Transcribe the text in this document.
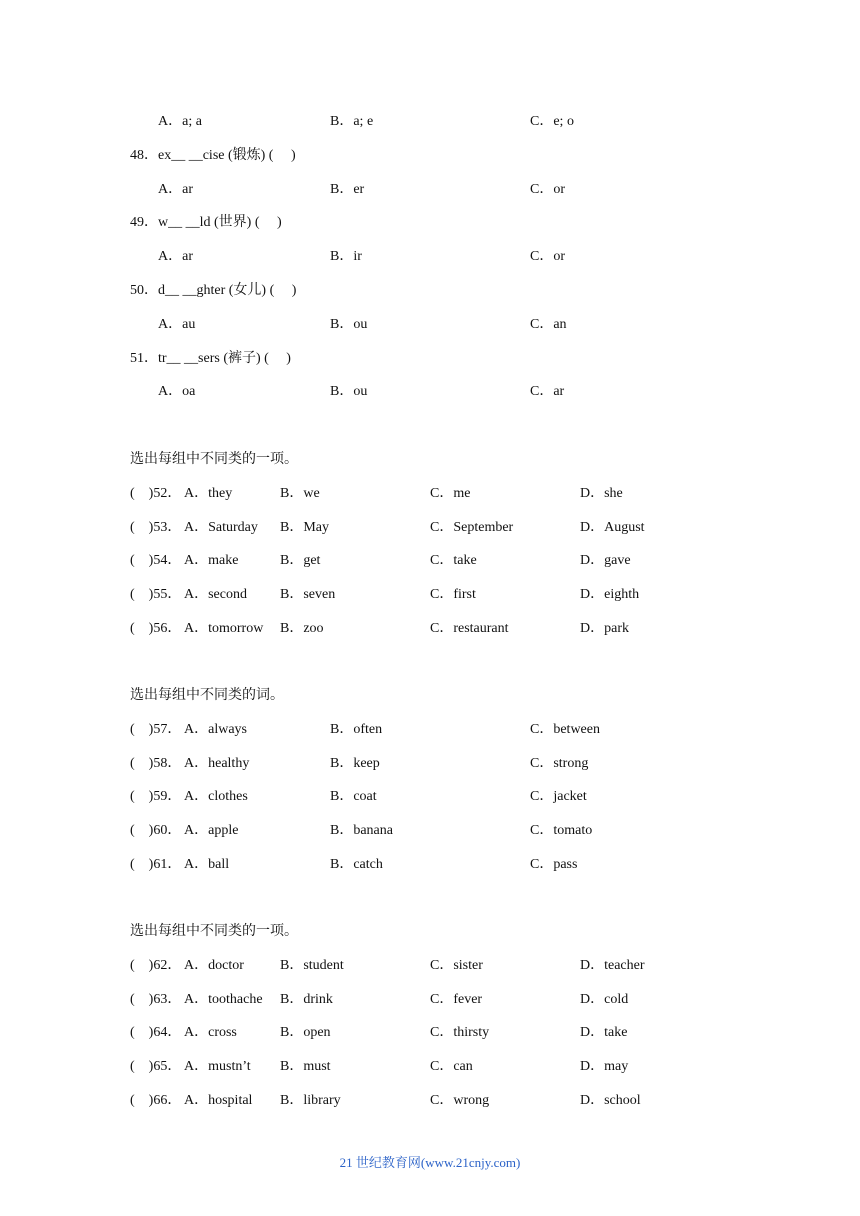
A．a; a	B．a; e	C．e; o
48．ex__ __cise (锻炼) (　 )
A．ar	B．er	C．or
49．w__ __ld (世界) (　 )
A．ar	B．ir	C．or
50．d__ __ghter (女儿) (　 )
A．au	B．ou	C．an
51．tr__ __sers (裤子) (　 )
A．oa	B．ou	C．ar
选出每组中不同类的一项。
(　)52． A．they	B．we	C．me	D．she
(　)53． A．Saturday B．May	C．September	D．August
(　)54． A．make	B．get	C．take	D．gave
(　)55． A．second B．seven	C．first	D．eighth
(　)56． A．tomorrow B．zoo	C．restaurant	D．park
选出每组中不同类的词。
(　)57． A．always	B．often	C．between
(　)58． A．healthy	B．keep	C．strong
(　)59． A．clothes	B．coat	C．jacket
(　)60． A．apple	B．banana	C．tomato
(　)61． A．ball	B．catch	C．pass
选出每组中不同类的一项。
(　)62． A．doctor	B．student	C．sister	D．teacher
(　)63． A．toothache B．drink	C．fever	D．cold
(　)64． A．cross	B．open	C．thirsty	D．take
(　)65． A．mustn’t B．must	C．can	D．may
(　)66． A．hospital B．library	C．wrong	D．school
21 世纪教育网(www.21cnjy.com)
